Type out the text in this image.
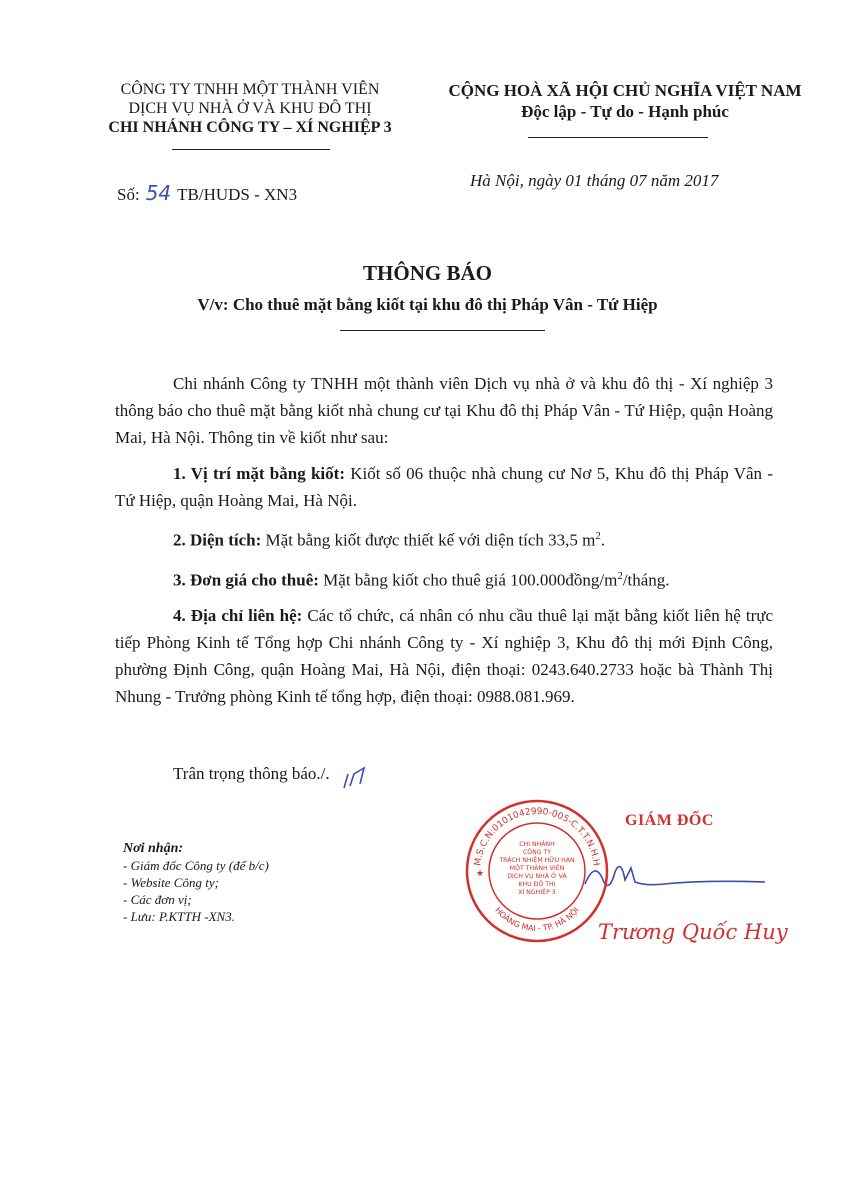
CÔNG TY TNHH MỘT THÀNH VIÊN
DỊCH VỤ NHÀ Ở VÀ KHU ĐÔ THỊ
CHI NHÁNH CÔNG TY – XÍ NGHIỆP 3
CỘNG HOÀ XÃ HỘI CHỦ NGHĨA VIỆT NAM
Độc lập - Tự do - Hạnh phúc
Số: 54 TB/HUDS - XN3
Hà Nội, ngày 01 tháng 07 năm 2017
THÔNG BÁO
V/v: Cho thuê mặt bằng kiốt tại khu đô thị Pháp Vân - Tứ Hiệp

Chi nhánh Công ty TNHH một thành viên Dịch vụ nhà ở và khu đô thị - Xí nghiệp 3 thông báo cho thuê mặt bằng kiốt nhà chung cư tại Khu đô thị Pháp Vân - Tứ Hiệp, quận Hoàng Mai, Hà Nội. Thông tin về kiốt như sau:

1. Vị trí mặt bằng kiốt: Kiốt số 06 thuộc nhà chung cư Nơ 5, Khu đô thị Pháp Vân - Tứ Hiệp, quận Hoàng Mai, Hà Nội.

2. Diện tích: Mặt bằng kiốt được thiết kế với diện tích 33,5 $m^2$.

3. Đơn giá cho thuê: Mặt bằng kiốt cho thuê giá $100.000đồng/m^2$/tháng.

4. Địa chỉ liên hệ: Các tổ chức, cá nhân có nhu cầu thuê lại mặt bằng kiốt liên hệ trực tiếp Phòng Kinh tế Tổng hợp Chi nhánh Công ty - Xí nghiệp 3, Khu đô thị mới Định Công, phường Định Công, quận Hoàng Mai, Hà Nội, điện thoại: 0243.640.2733 hoặc bà Thành Thị Nhung - Trưởng phòng Kinh tế tổng hợp, điện thoại: 0988.081.969.

Trân trọng thông báo./.
Nơi nhận:
- Giám đốc Công ty (để b/c)
- Website Công ty;
- Các đơn vị;
- Lưu: P.KTTH -XN3.
GIÁM ĐỐC
M.S.C.N:0101042990-005-C.T.T.N.H.H
HOÀNG MAI - TP. HÀ NỘI
CHI NHÁNH
CÔNG TY
TRÁCH NHIỆM HỮU HẠN
MỘT THÀNH VIÊN
DỊCH VỤ NHÀ Ở VÀ
KHU ĐÔ THỊ
XÍ NGHIỆP 3
★
Trương Quốc Huy
